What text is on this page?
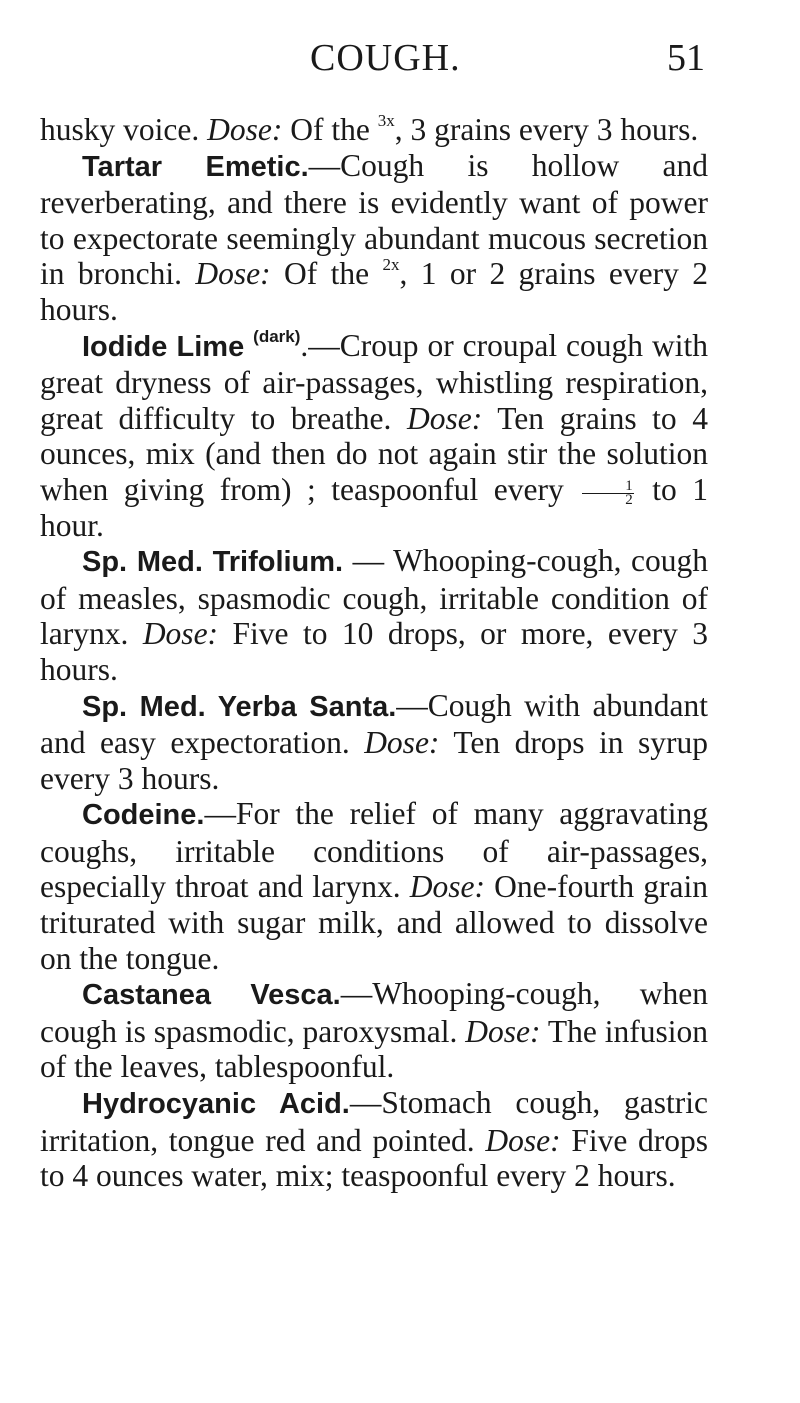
COUGH.	51

husky voice. Dose: Of the $^{3x}$, 3 grains every 3 hours.

Tartar Emetic.—Cough is hollow and reverberating, and there is evidently want of power to expectorate seemingly abundant mucous secretion in bronchi. Dose: Of the $^{2x}$, 1 or 2 grains every 2 hours.

Iodide Lime $^{(dark)}$.—Croup or croupal cough with great dryness of air-passages, whistling respiration, great difficulty to breathe. Dose: Ten grains to 4 ounces, mix (and then do not again stir the solution when giving from) ; teaspoonful every $\frac{1}{2}$ to 1 hour.

Sp. Med. Trifolium. — Whooping-cough, cough of measles, spasmodic cough, irritable condition of larynx. Dose: Five to 10 drops, or more, every 3 hours.

Sp. Med. Yerba Santa.—Cough with abundant and easy expectoration. Dose: Ten drops in syrup every 3 hours.

Codeine.—For the relief of many aggravating coughs, irritable conditions of air-passages, especially throat and larynx. Dose: One-fourth grain triturated with sugar milk, and allowed to dissolve on the tongue.

Castanea Vesca.—Whooping-cough, when cough is spasmodic, paroxysmal. Dose: The infusion of the leaves, tablespoonful.

Hydrocyanic Acid.—Stomach cough, gastric irritation, tongue red and pointed. Dose: Five drops to 4 ounces water, mix; teaspoonful every 2 hours.
